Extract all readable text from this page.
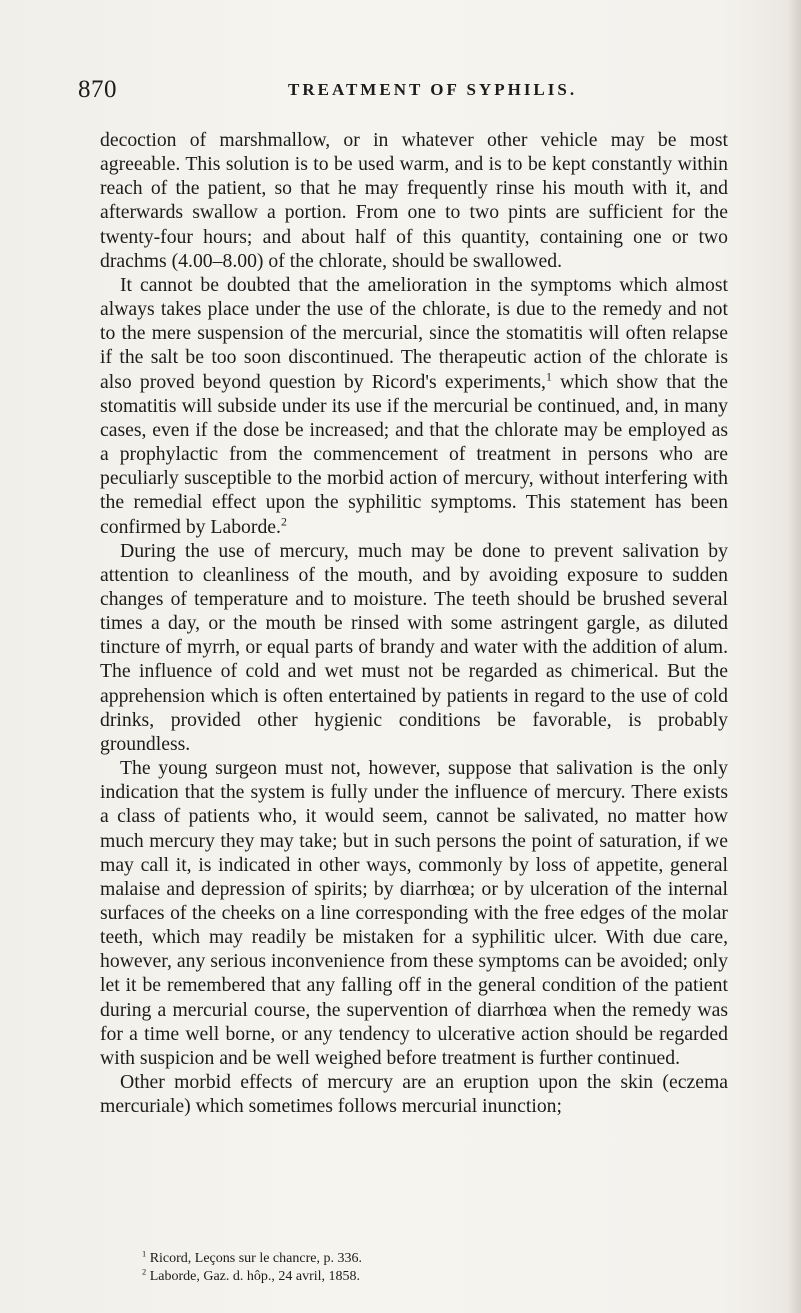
870	TREATMENT OF SYPHILIS.

decoction of marshmallow, or in whatever other vehicle may be most agreeable. This solution is to be used warm, and is to be kept constantly within reach of the patient, so that he may frequently rinse his mouth with it, and afterwards swallow a portion. From one to two pints are sufficient for the twenty-four hours; and about half of this quantity, containing one or two drachms (4.00–8.00) of the chlorate, should be swallowed.

It cannot be doubted that the amelioration in the symptoms which almost always takes place under the use of the chlorate, is due to the remedy and not to the mere suspension of the mercurial, since the stomatitis will often relapse if the salt be too soon discontinued. The therapeutic action of the chlorate is also proved beyond question by Ricord's experiments,$^1$ which show that the stomatitis will subside under its use if the mercurial be continued, and, in many cases, even if the dose be increased; and that the chlorate may be employed as a prophylactic from the commencement of treatment in persons who are peculiarly susceptible to the morbid action of mercury, without interfering with the remedial effect upon the syphilitic symptoms. This statement has been confirmed by Laborde.$^2$

During the use of mercury, much may be done to prevent salivation by attention to cleanliness of the mouth, and by avoiding exposure to sudden changes of temperature and to moisture. The teeth should be brushed several times a day, or the mouth be rinsed with some astringent gargle, as diluted tincture of myrrh, or equal parts of brandy and water with the addition of alum. The influence of cold and wet must not be regarded as chimerical. But the apprehension which is often entertained by patients in regard to the use of cold drinks, provided other hygienic conditions be favorable, is probably groundless.

The young surgeon must not, however, suppose that salivation is the only indication that the system is fully under the influence of mercury. There exists a class of patients who, it would seem, cannot be salivated, no matter how much mercury they may take; but in such persons the point of saturation, if we may call it, is indicated in other ways, commonly by loss of appetite, general malaise and depression of spirits; by diarrhœa; or by ulceration of the internal surfaces of the cheeks on a line corresponding with the free edges of the molar teeth, which may readily be mistaken for a syphilitic ulcer. With due care, however, any serious inconvenience from these symptoms can be avoided; only let it be remembered that any falling off in the general condition of the patient during a mercurial course, the supervention of diarrhœa when the remedy was for a time well borne, or any tendency to ulcerative action should be regarded with suspicion and be well weighed before treatment is further continued.

Other morbid effects of mercury are an eruption upon the skin (eczema mercuriale) which sometimes follows mercurial inunction;

$^1$ Ricord, Leçons sur le chancre, p. 336.

$^2$ Laborde, Gaz. d. hôp., 24 avril, 1858.
